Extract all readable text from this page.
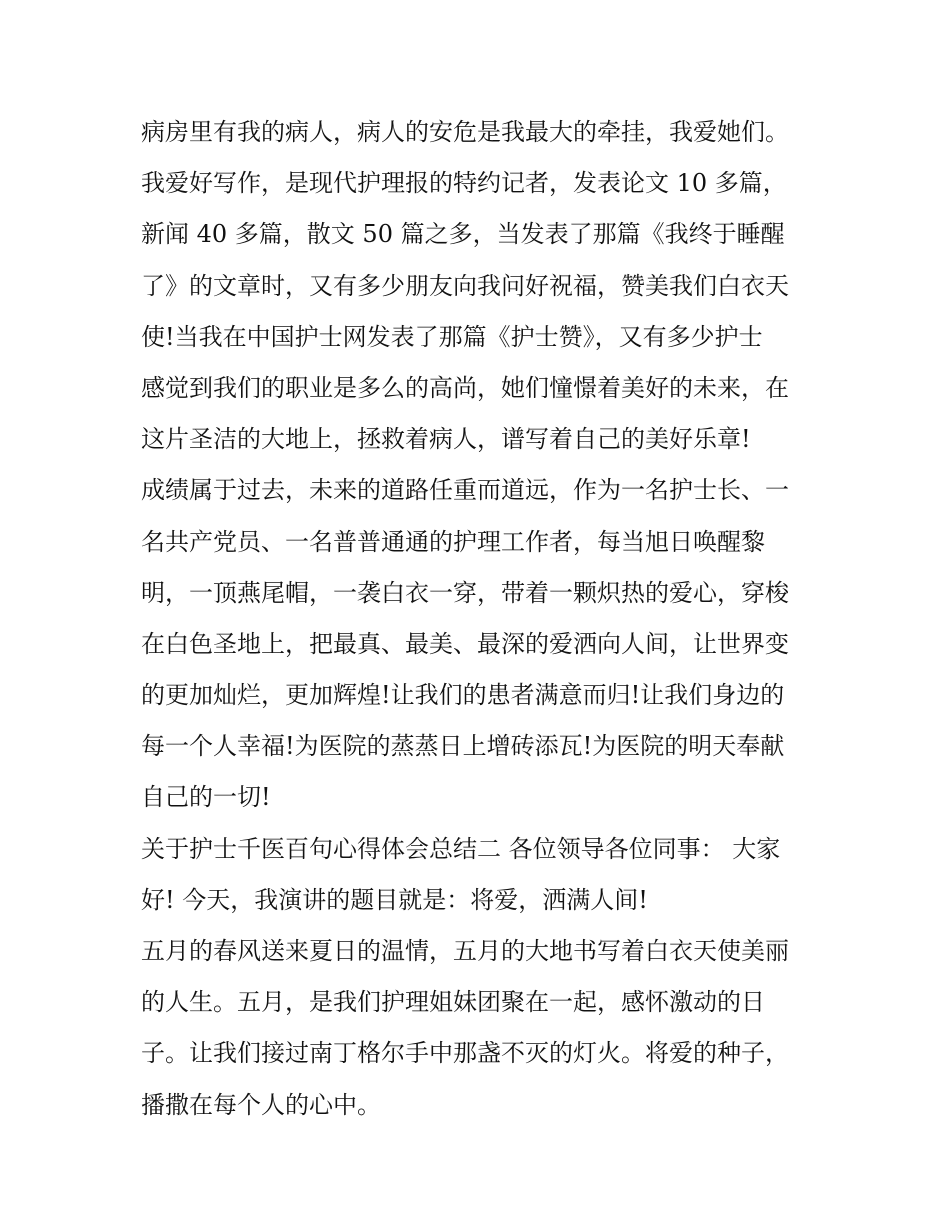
病房里有我的病人，病人的安危是我最大的牵挂，我爱她们。
我爱好写作，是现代护理报的特约记者，发表论文 10 多篇，
新闻 40 多篇，散文 50 篇之多，当发表了那篇《我终于睡醒
了》的文章时，又有多少朋友向我问好祝福，赞美我们白衣天
使!当我在中国护士网发表了那篇《护士赞》，又有多少护士
感觉到我们的职业是多么的高尚，她们憧憬着美好的未来，在
这片圣洁的大地上，拯救着病人，谱写着自己的美好乐章!
成绩属于过去，未来的道路任重而道远，作为一名护士长、一
名共产党员、一名普普通通的护理工作者，每当旭日唤醒黎
明，一顶燕尾帽，一袭白衣一穿，带着一颗炽热的爱心，穿梭
在白色圣地上，把最真、最美、最深的爱洒向人间，让世界变
的更加灿烂，更加辉煌!让我们的患者满意而归!让我们身边的
每一个人幸福!为医院的蒸蒸日上增砖添瓦!为医院的明天奉献
自己的一切!
关于护士千医百句心得体会总结二 各位领导各位同事： 大家
好! 今天，我演讲的题目就是：将爱，洒满人间!
五月的春风送来夏日的温情，五月的大地书写着白衣天使美丽
的人生。五月，是我们护理姐妹团聚在一起，感怀激动的日
子。让我们接过南丁格尔手中那盏不灭的灯火。将爱的种子，
播撒在每个人的心中。
